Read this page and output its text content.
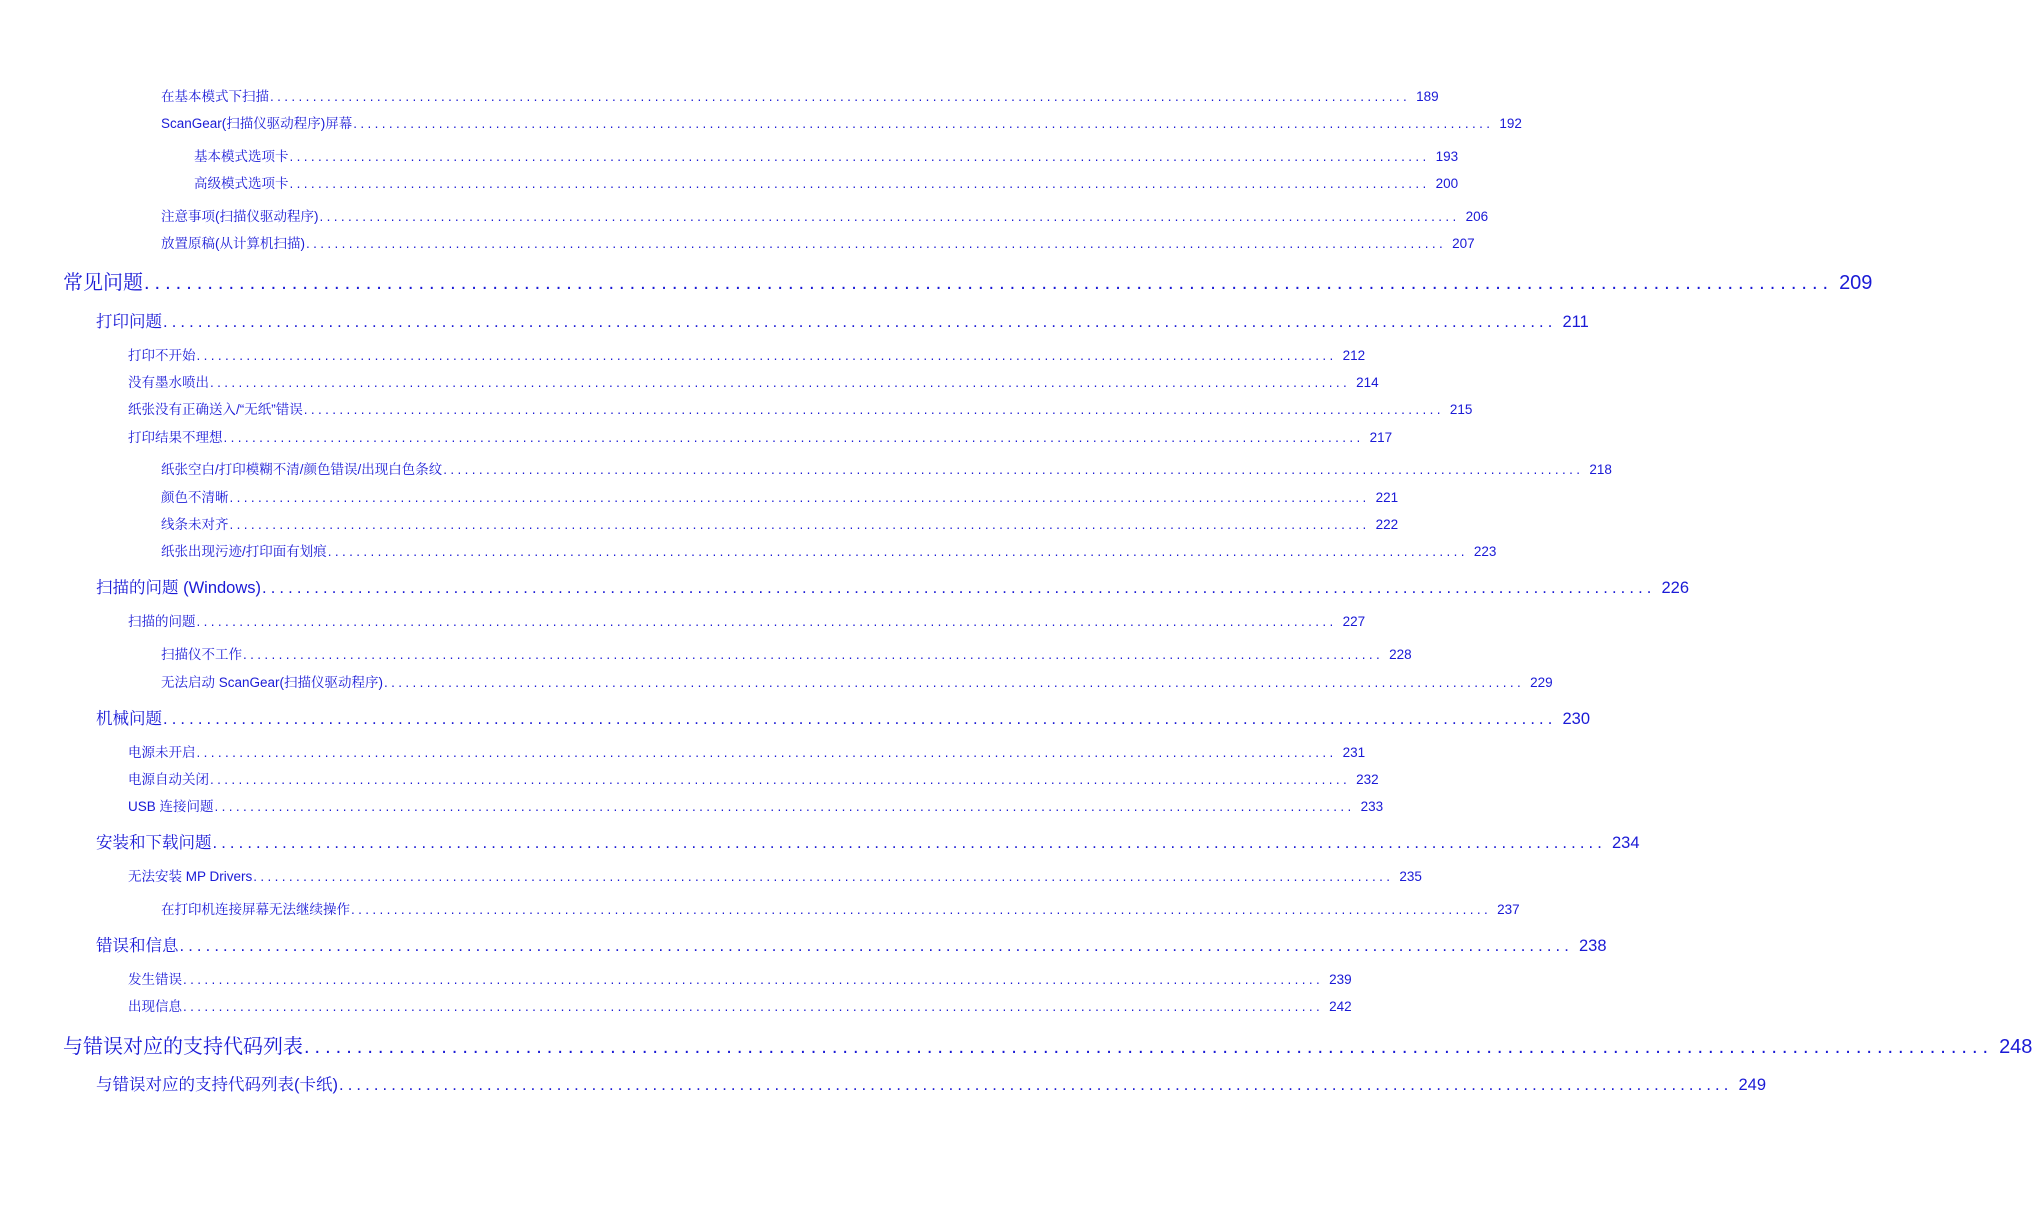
在基本模式下扫描 ................................................................................................................................................................ 189
ScanGear(扫描仪驱动程序)屏幕 ................................................................................................................................................................ 192
基本模式选项卡 ................................................................................................................................................................ 193
高级模式选项卡 ................................................................................................................................................................ 200
注意事项(扫描仪驱动程序) ................................................................................................................................................................ 206
放置原稿(从计算机扫描) ................................................................................................................................................................ 207
常见问题 ................................................................................................................................................................ 209
打印问题 ................................................................................................................................................................ 211
打印不开始 ................................................................................................................................................................ 212
没有墨水喷出 ................................................................................................................................................................ 214
纸张没有正确送入/“无纸”错误 ................................................................................................................................................................ 215
打印结果不理想 ................................................................................................................................................................ 217
纸张空白/打印模糊不清/颜色错误/出现白色条纹 ................................................................................................................................................................ 218
颜色不清晰 ................................................................................................................................................................ 221
线条未对齐 ................................................................................................................................................................ 222
纸张出现污迹/打印面有划痕 ................................................................................................................................................................ 223
扫描的问题 (Windows) ................................................................................................................................................................ 226
扫描的问题 ................................................................................................................................................................ 227
扫描仪不工作 ................................................................................................................................................................ 228
无法启动 ScanGear(扫描仪驱动程序) ................................................................................................................................................................ 229
机械问题 ................................................................................................................................................................ 230
电源未开启 ................................................................................................................................................................ 231
电源自动关闭 ................................................................................................................................................................ 232
USB 连接问题 ................................................................................................................................................................ 233
安装和下载问题 ................................................................................................................................................................ 234
无法安装 MP Drivers ................................................................................................................................................................ 235
在打印机连接屏幕无法继续操作 ................................................................................................................................................................ 237
错误和信息 ................................................................................................................................................................ 238
发生错误 ................................................................................................................................................................ 239
出现信息 ................................................................................................................................................................ 242
与错误对应的支持代码列表 ................................................................................................................................................................ 248
与错误对应的支持代码列表(卡纸) ................................................................................................................................................................ 249
